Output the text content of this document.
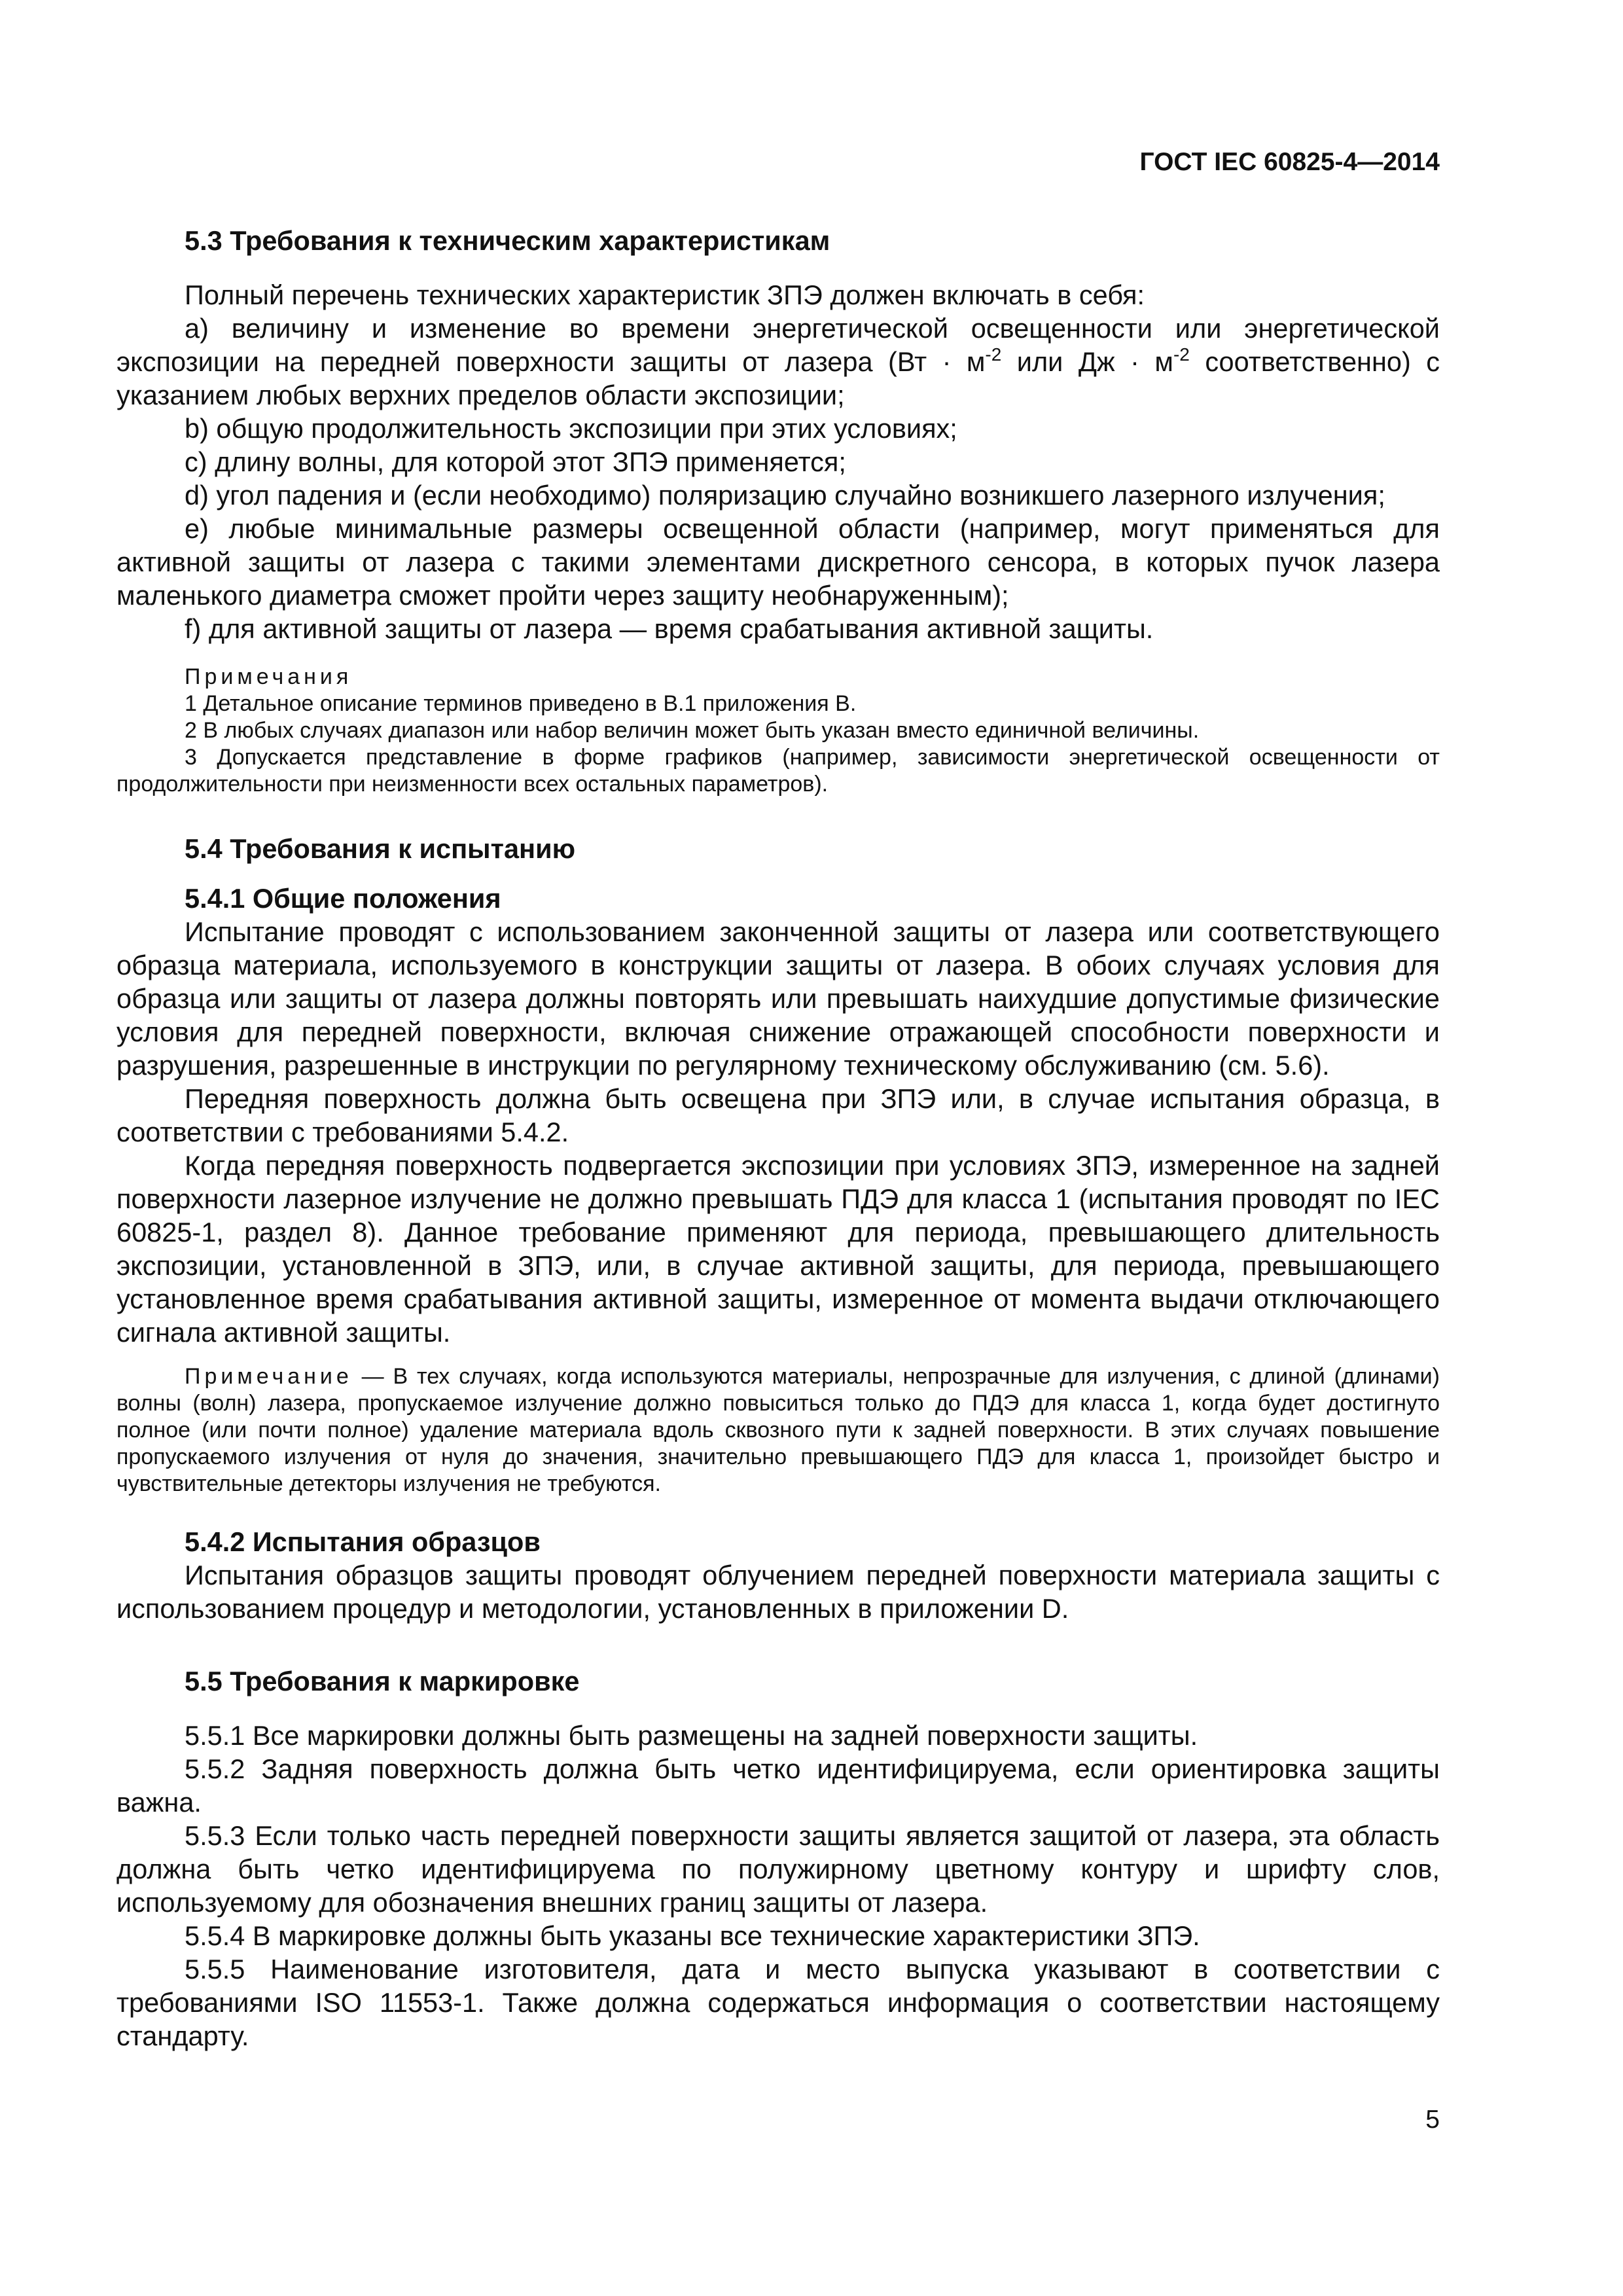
ГОСТ IEC 60825-4—2014

5.3 Требования к техническим характеристикам

Полный перечень технических характеристик ЗПЭ должен включать в себя:

а) величину и изменение во времени энергетической освещенности или энергетической экспозиции на передней поверхности защиты от лазера ($Вт \cdot м^{-2}$ или Дж · $м^{-2}$ соответственно) с указанием любых верхних пределов области экспозиции;

b) общую продолжительность экспозиции при этих условиях;

с) длину волны, для которой этот ЗПЭ применяется;

d) угол падения и (если необходимо) поляризацию случайно возникшего лазерного излучения;

е) любые минимальные размеры освещенной области (например, могут применяться для активной защиты от лазера с такими элементами дискретного сенсора, в которых пучок лазера маленького диаметра сможет пройти через защиту необнаруженным);

f) для активной защиты от лазера — время срабатывания активной защиты.

Примечания

1 Детальное описание терминов приведено в В.1 приложения В.

2 В любых случаях диапазон или набор величин может быть указан вместо единичной величины.

3 Допускается представление в форме графиков (например, зависимости энергетической освещенности от продолжительности при неизменности всех остальных параметров).

5.4 Требования к испытанию

5.4.1 Общие положения

Испытание проводят с использованием законченной защиты от лазера или соответствующего образца материала, используемого в конструкции защиты от лазера. В обоих случаях условия для образца или защиты от лазера должны повторять или превышать наихудшие допустимые физические условия для передней поверхности, включая снижение отражающей способности поверхности и разрушения, разрешенные в инструкции по регулярному техническому обслуживанию (см. 5.6).

Передняя поверхность должна быть освещена при ЗПЭ или, в случае испытания образца, в соответствии с требованиями 5.4.2.

Когда передняя поверхность подвергается экспозиции при условиях ЗПЭ, измеренное на задней поверхности лазерное излучение не должно превышать ПДЭ для класса 1 (испытания проводят по IEC 60825-1, раздел 8). Данное требование применяют для периода, превышающего длительность экспозиции, установленной в ЗПЭ, или, в случае активной защиты, для периода, превышающего установленное время срабатывания активной защиты, измеренное от момента выдачи отключающего сигнала активной защиты.

Примечание — В тех случаях, когда используются материалы, непрозрачные для излучения, с длиной (длинами) волны (волн) лазера, пропускаемое излучение должно повыситься только до ПДЭ для класса 1, когда будет достигнуто полное (или почти полное) удаление материала вдоль сквозного пути к задней поверхности. В этих случаях повышение пропускаемого излучения от нуля до значения, значительно превышающего ПДЭ для класса 1, произойдет быстро и чувствительные детекторы излучения не требуются.

5.4.2 Испытания образцов

Испытания образцов защиты проводят облучением передней поверхности материала защиты с использованием процедур и методологии, установленных в приложении D.

5.5 Требования к маркировке

5.5.1 Все маркировки должны быть размещены на задней поверхности защиты.

5.5.2 Задняя поверхность должна быть четко идентифицируема, если ориентировка защиты важна.

5.5.3 Если только часть передней поверхности защиты является защитой от лазера, эта область должна быть четко идентифицируема по полужирному цветному контуру и шрифту слов, используемому для обозначения внешних границ защиты от лазера.

5.5.4 В маркировке должны быть указаны все технические характеристики ЗПЭ.

5.5.5 Наименование изготовителя, дата и место выпуска указывают в соответствии с требованиями ISO 11553-1. Также должна содержаться информация о соответствии настоящему стандарту.

5
